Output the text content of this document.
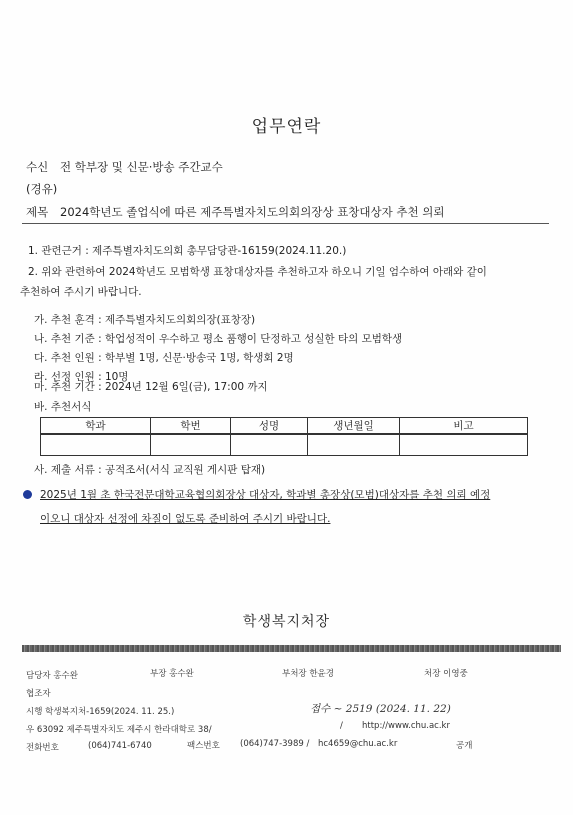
업무연락
수신 전 학부장 및 신문·방송 주간교수
(경유)
제목 2024학년도 졸업식에 따른 제주특별자치도의회의장상 표창대상자 추천 의뢰
1. 관련근거 : 제주특별자치도의회 총무담당관-16159(2024.11.20.)
2. 위와 관련하여 2024학년도 모범학생 표창대상자를 추천하고자 하오니 기일 엄수하여 아래와 같이
추천하여 주시기 바랍니다.
가. 추천 훈격 : 제주특별자치도의회의장(표창장)
나. 추천 기준 : 학업성적이 우수하고 평소 품행이 단정하고 성실한 타의 모범학생
다. 추천 인원 : 학부별 1명, 신문·방송국 1명, 학생회 2명
라. 선정 인원 : 10명
마. 추천 기간 : 2024년 12월 6일(금), 17:00 까지
바. 추천서식
학과	학번	성명	생년월일	비고

사. 제출 서류 : 공적조서(서식 교직원 게시판 탑재)
2025년 1월 초 한국전문대학교육협의회장상 대상자, 학과별 총장상(모범)대상자를 추천 의뢰 예정
이오니 대상자 선정에 차질이 없도록 준비하여 주시기 바랍니다.
학생복지처장
담당자 홍수완	부장 홍수완	부처장 한윤경	처장 이영중
협조자
시행 학생복지처-1659(2024. 11. 25.)	접수 ~ 2519 (2024. 11. 22)
우 63092 제주특별자치도 제주시 한라대학로 38/	/ http://www.chu.ac.kr
전화번호	(064)741-6740	팩스번호 (064)747-3989 / hc4659@chu.ac.kr	공개
